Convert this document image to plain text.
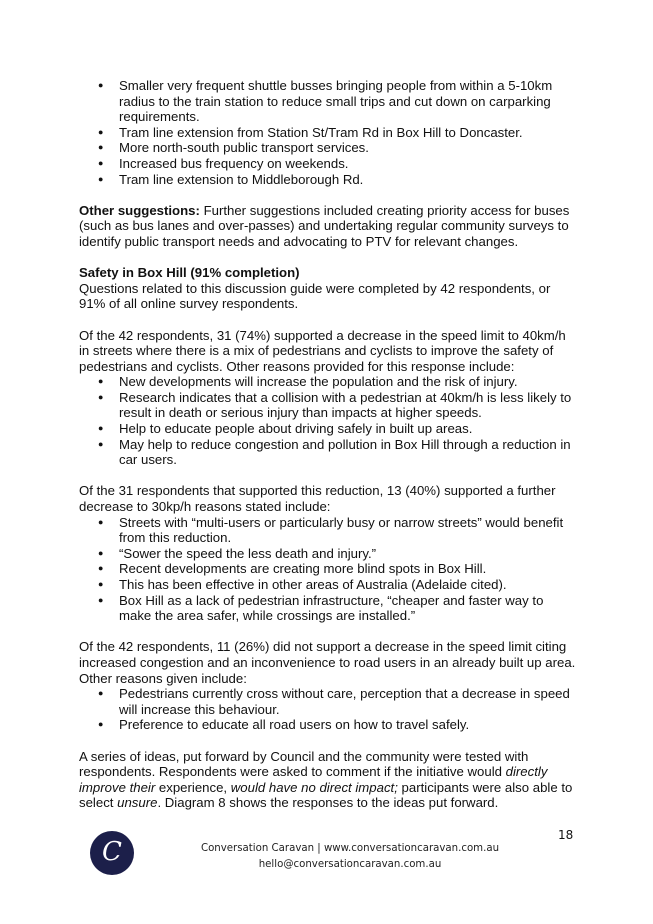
● Smaller very frequent shuttle busses bringing people from within a 5-10km radius to the train station to reduce small trips and cut down on carparking requirements.
● Tram line extension from Station St/Tram Rd in Box Hill to Doncaster.
● More north-south public transport services.
● Increased bus frequency on weekends.
● Tram line extension to Middleborough Rd.

Other suggestions: Further suggestions included creating priority access for buses (such as bus lanes and over-passes) and undertaking regular community surveys to identify public transport needs and advocating to PTV for relevant changes.

Safety in Box Hill (91% completion)

Questions related to this discussion guide were completed by 42 respondents, or 91% of all online survey respondents.

Of the 42 respondents, 31 (74%) supported a decrease in the speed limit to 40km/h in streets where there is a mix of pedestrians and cyclists to improve the safety of pedestrians and cyclists. Other reasons provided for this response include:

● New developments will increase the population and the risk of injury.
● Research indicates that a collision with a pedestrian at 40km/h is less likely to result in death or serious injury than impacts at higher speeds.
● Help to educate people about driving safely in built up areas.
● May help to reduce congestion and pollution in Box Hill through a reduction in car users.

Of the 31 respondents that supported this reduction, 13 (40%) supported a further decrease to 30kp/h reasons stated include:

● Streets with “multi-users or particularly busy or narrow streets” would benefit from this reduction.
● “Sower the speed the less death and injury.”
● Recent developments are creating more blind spots in Box Hill.
● This has been effective in other areas of Australia (Adelaide cited).
● Box Hill as a lack of pedestrian infrastructure, “cheaper and faster way to make the area safer, while crossings are installed.”

Of the 42 respondents, 11 (26%) did not support a decrease in the speed limit citing increased congestion and an inconvenience to road users in an already built up area. Other reasons given include:

● Pedestrians currently cross without care, perception that a decrease in speed will increase this behaviour.
● Preference to educate all road users on how to travel safely.

A series of ideas, put forward by Council and the community were tested with respondents. Respondents were asked to comment if the initiative would directly improve their experience, would have no direct impact; participants were also able to select unsure. Diagram 8 shows the responses to the ideas put forward.

C
18
Conversation Caravan | www.conversationcaravan.com.au
hello@conversationcaravan.com.au
